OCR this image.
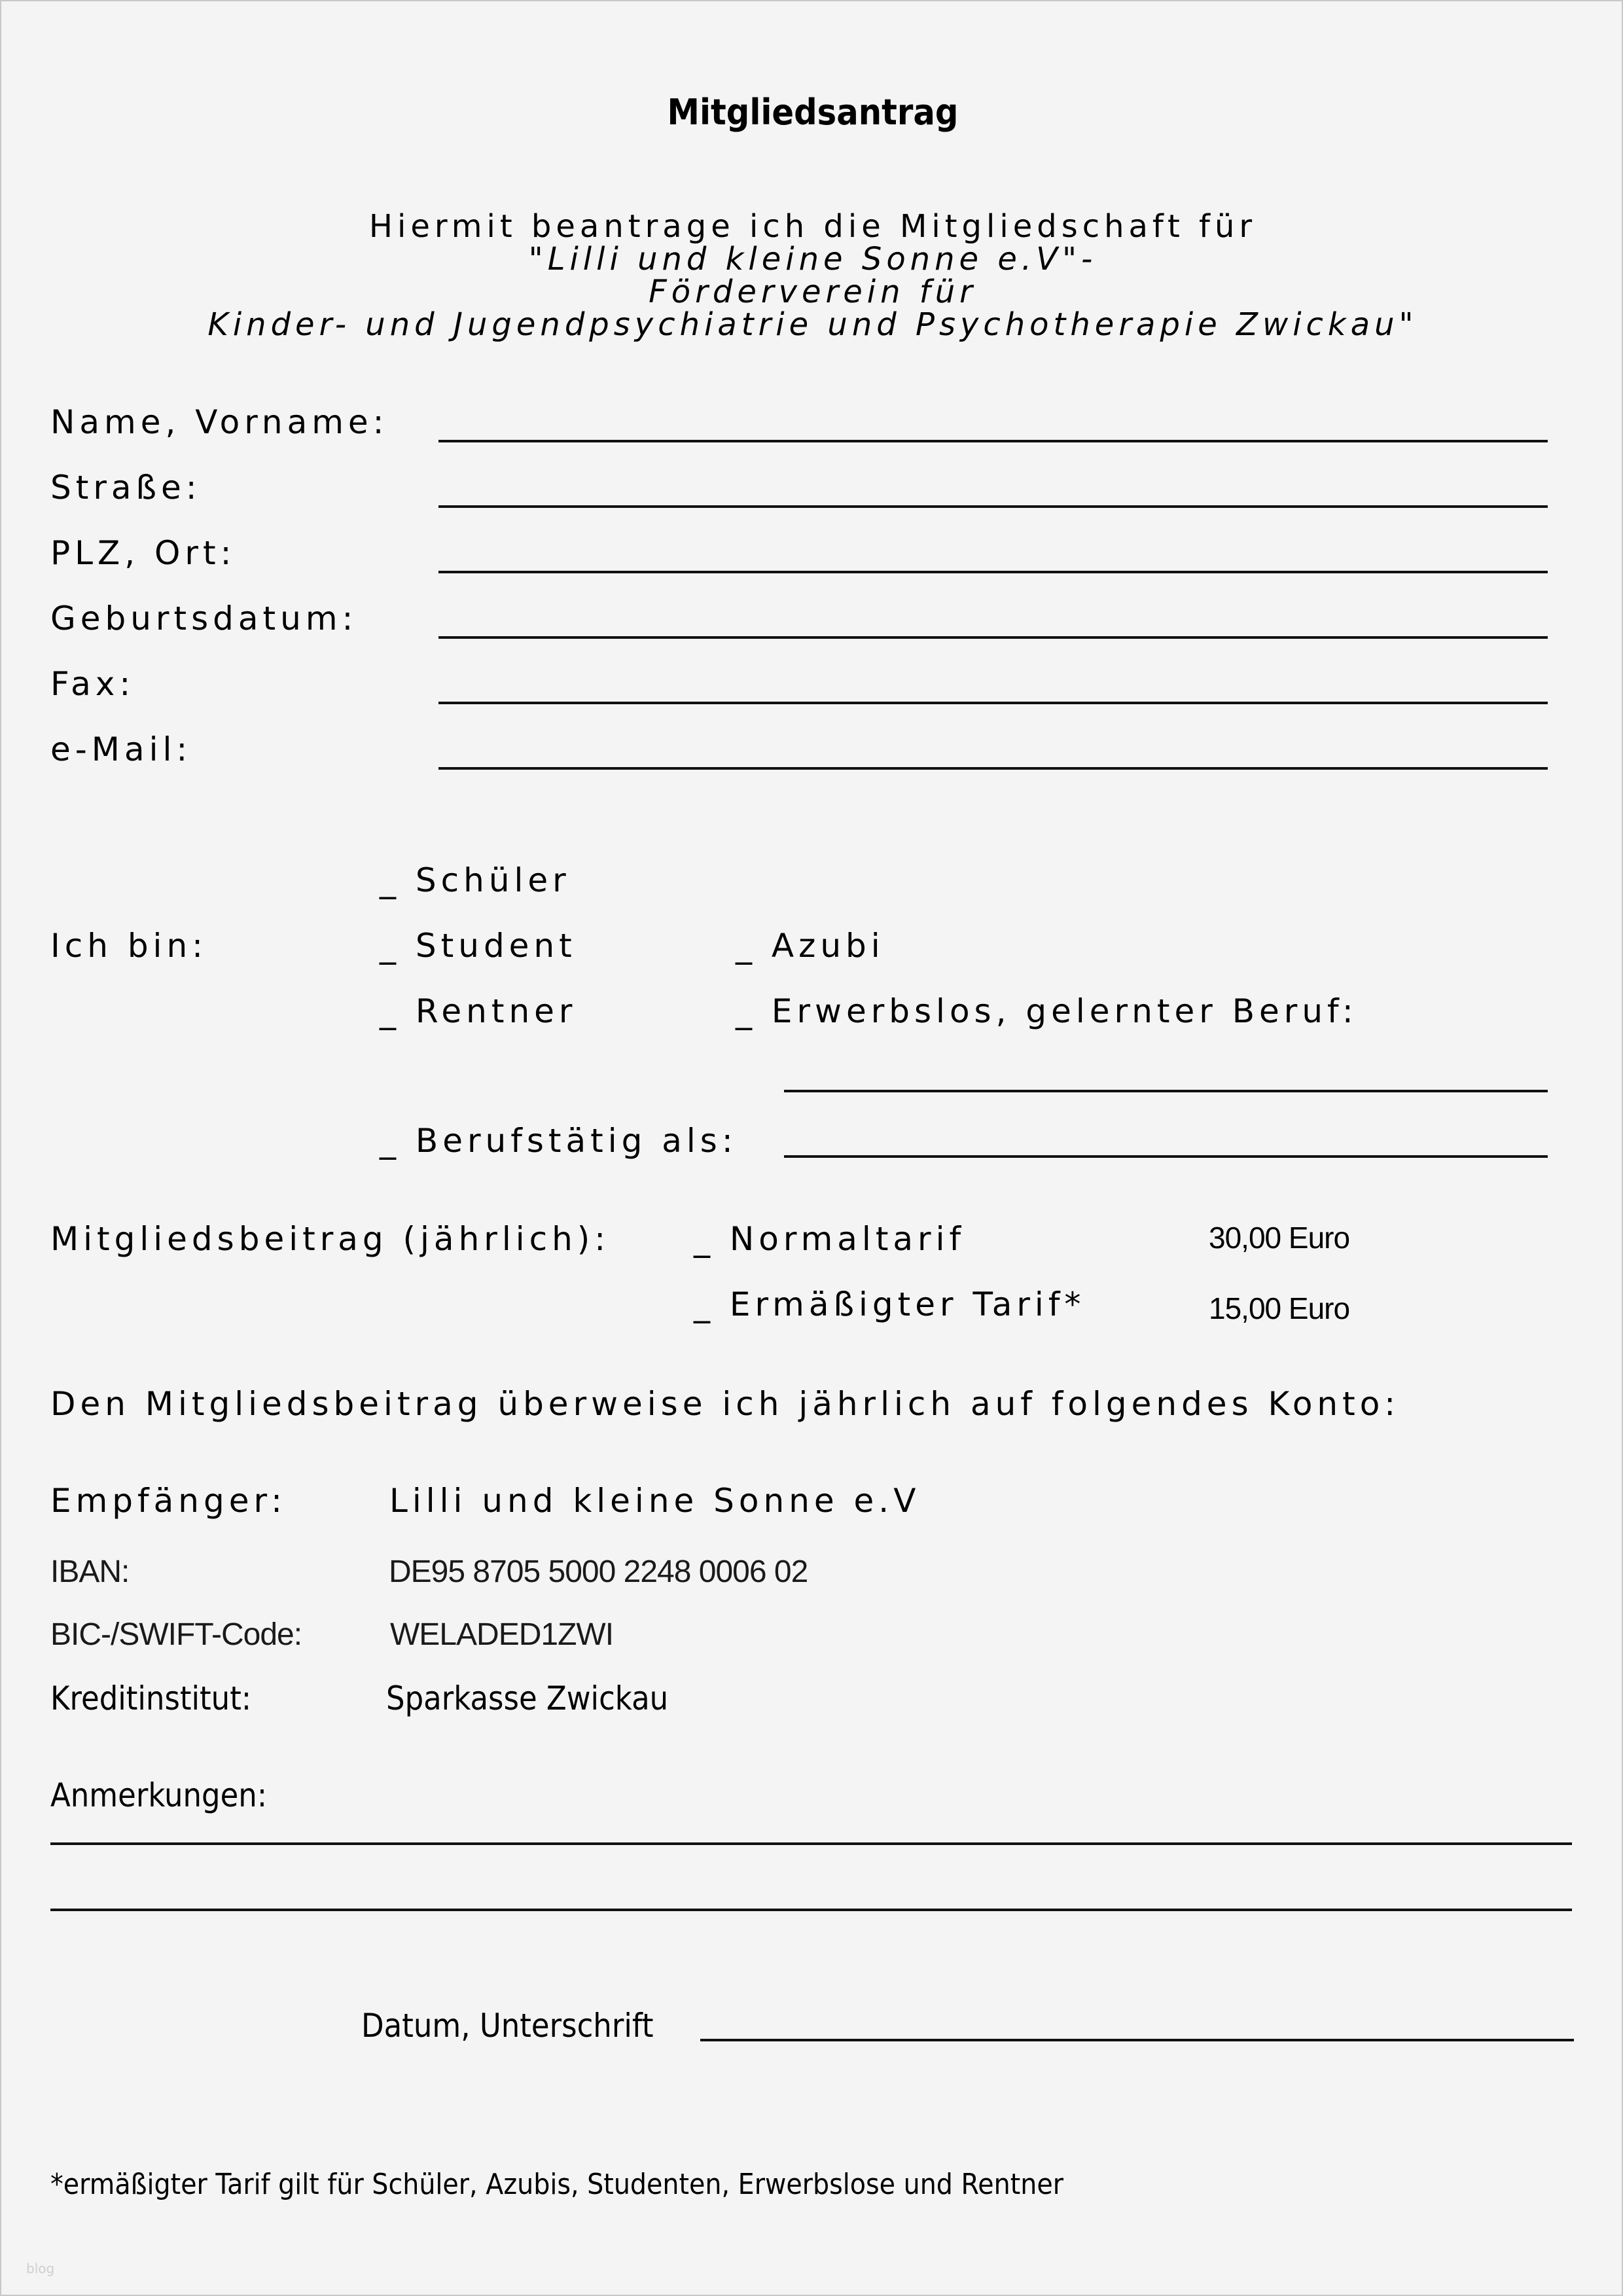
Mitgliedsantrag
Hiermit beantrage ich die Mitgliedschaft für
"Lilli und kleine Sonne e.V"-
Förderverein für
Kinder- und Jugendpsychiatrie und Psychotherapie Zwickau"
Name, Vorname:
Straße:
PLZ, Ort:
Geburtsdatum:
Fax:
e-Mail:
_ Schüler
Ich bin:	_ Student	_ Azubi
_ Rentner	_ Erwerbslos, gelernter Beruf:
_ Berufstätig als:
Mitgliedsbeitrag (jährlich):	_ Normaltarif	30,00 Euro
_ Ermäßigter Tarif*	15,00 Euro
Den Mitgliedsbeitrag überweise ich jährlich auf folgendes Konto:
Empfänger:	Lilli und kleine Sonne e.V
IBAN:	DE95 8705 5000 2248 0006 02
BIC-/SWIFT-Code:	WELADED1ZWI
Kreditinstitut:	Sparkasse Zwickau
Anmerkungen:
Datum, Unterschrift
*ermäßigter Tarif gilt für Schüler, Azubis, Studenten, Erwerbslose und Rentner
blog
